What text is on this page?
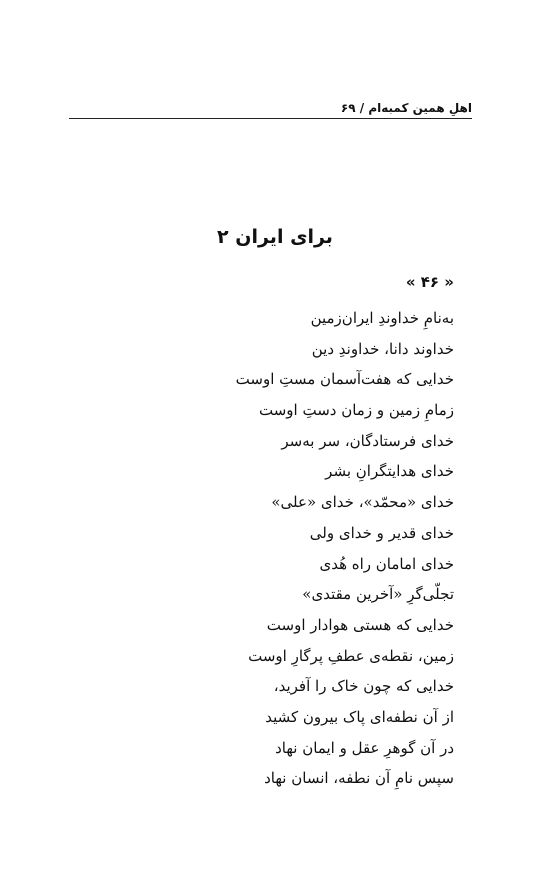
اهلِ همین کمبه‌ام / ۶۹
برای ایران ۲
« ۴۶ »
به‌نامِ خداوندِ ایران‌زمین
خداوند دانا، خداوندِ دین
خدایی که هفت‌آسمان مستِ اوست
زمامِ زمین و زمان دستِ اوست
خدای فرستادگان، سر به‌سر
خدای هدایتگرانِ بشر
خدای «محمّد»، خدای «علی»
خدای قدیر و خدای ولی
خدای امامان راه هُدی
تجلّی‌گرِ «آخرین مقتدی»
خدایی که هستی هوادار اوست
زمین، نقطه‌ی عطفِ پرگارِ اوست
خدایی که چون خاک را آفرید،
از آن نطفه‌ای پاک بیرون کشید
در آن گوهرِ عقل و ایمان نهاد
سپس نامِ آن نطفه، انسان نهاد
